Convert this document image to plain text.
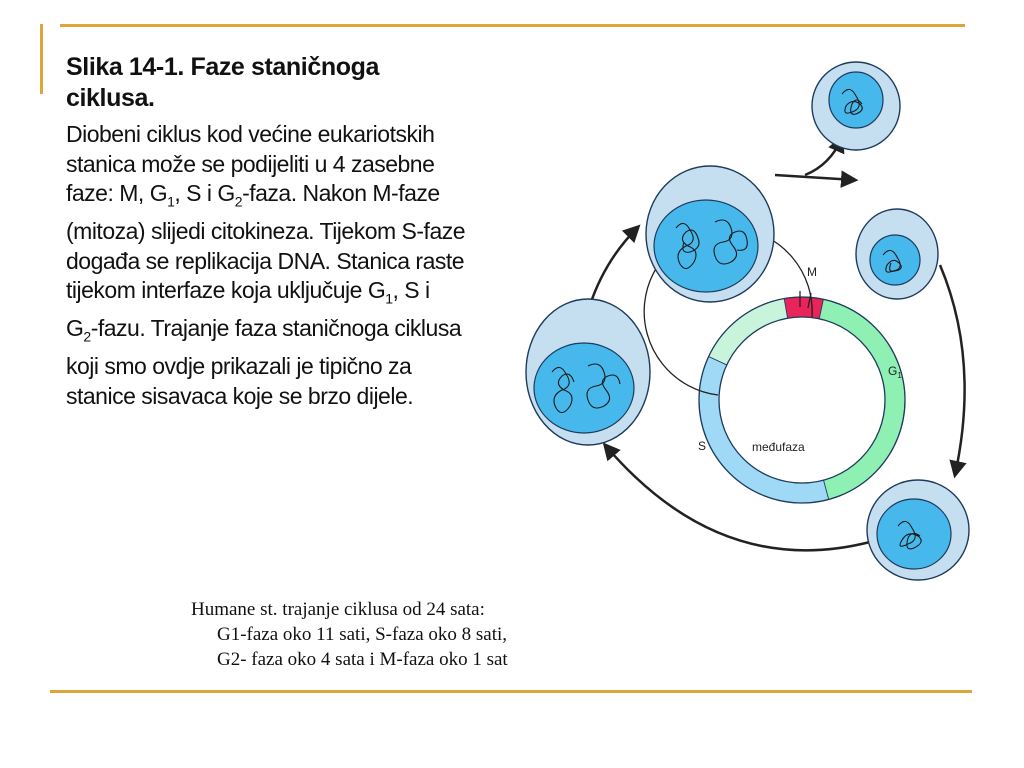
Slika 14-1. Faze staničnoga ciklusa.
Diobeni ciklus kod većine eukariotskih stanica može se podijeliti u 4 zasebne faze: M, $G_1$, S i $G_2$-faza. Nakon M-faze (mitoza) slijedi citokineza. Tijekom S-faze događa se replikacija DNA. Stanica raste tijekom interfaze koja uključuje $G_1$, S i $G_2$-fazu. Trajanje faza staničnoga ciklusa koji smo ovdje prikazali je tipično za stanice sisavaca koje se brzo dijele.
M
$G_1$
S	međufaza
Humane st. trajanje ciklusa od 24 sata:
G1-faza oko 11 sati, S-faza oko 8 sati,
G2- faza oko 4 sata i M-faza oko 1 sat
